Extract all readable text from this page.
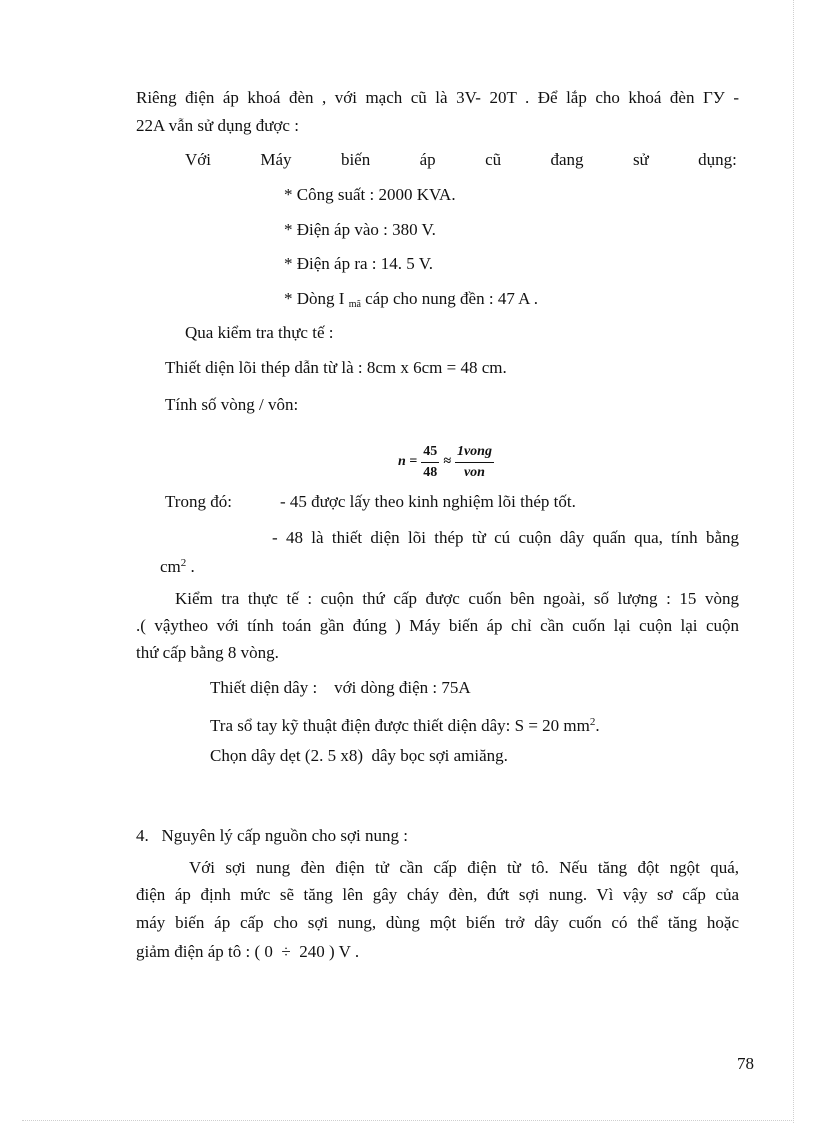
Riêng điện áp khoá đèn , với mạch cũ là 3V- 20T . Để lắp cho khoá đèn ГУ -
22A vẫn sử dụng được :
Với	Máy	biến	áp	cũ	đang	sử	dụng:
* Công suất : 2000 KVA.
* Điện áp vào : 380 V.
* Điện áp ra : 14. 5 V.
* Dòng I $_{mã}$ cáp cho nung đền : 47 A .
Qua kiểm tra thực tế :
Thiết diện lõi thép dẫn từ là : 8cm x 6cm = 48 cm.
Tính số vòng / vôn:
$n = \frac{45}{48} \approx \frac{\text{1vong}}{\text{von}}$
Trong đó:	- 45 được lấy theo kinh nghiệm lõi thép tốt.
- 48 là thiết diện lõi thép từ cú cuộn dây quấn qua, tính bằng
$cm^2$ .
Kiểm tra thực tế : cuộn thứ cấp được cuốn bên ngoài, số lượng : 15 vòng
.( vậytheo với tính toán gần đúng ) Máy biến áp chỉ cần cuốn lại cuộn lại cuộn
thứ cấp bằng 8 vòng.
Thiết diện dây :    với dòng điện : 75A
Tra sổ tay kỹ thuật điện được thiết diện dây: S = 20 $mm^2$.
Chọn dây dẹt (2. 5 x8)  dây bọc sợi amiăng.
4.   Nguyên lý cấp nguồn cho sợi nung :
Với sợi nung đèn điện tử cần cấp điện từ tô. Nếu tăng đột ngột quá,
điện áp định mức sẽ tăng lên gây cháy đèn, đứt sợi nung. Vì vậy sơ cấp của
máy biến áp cấp cho sợi nung, dùng một biến trở dây cuốn có thể tăng hoặc
giảm điện áp tô : ( 0  ÷  240 ) V .
78
